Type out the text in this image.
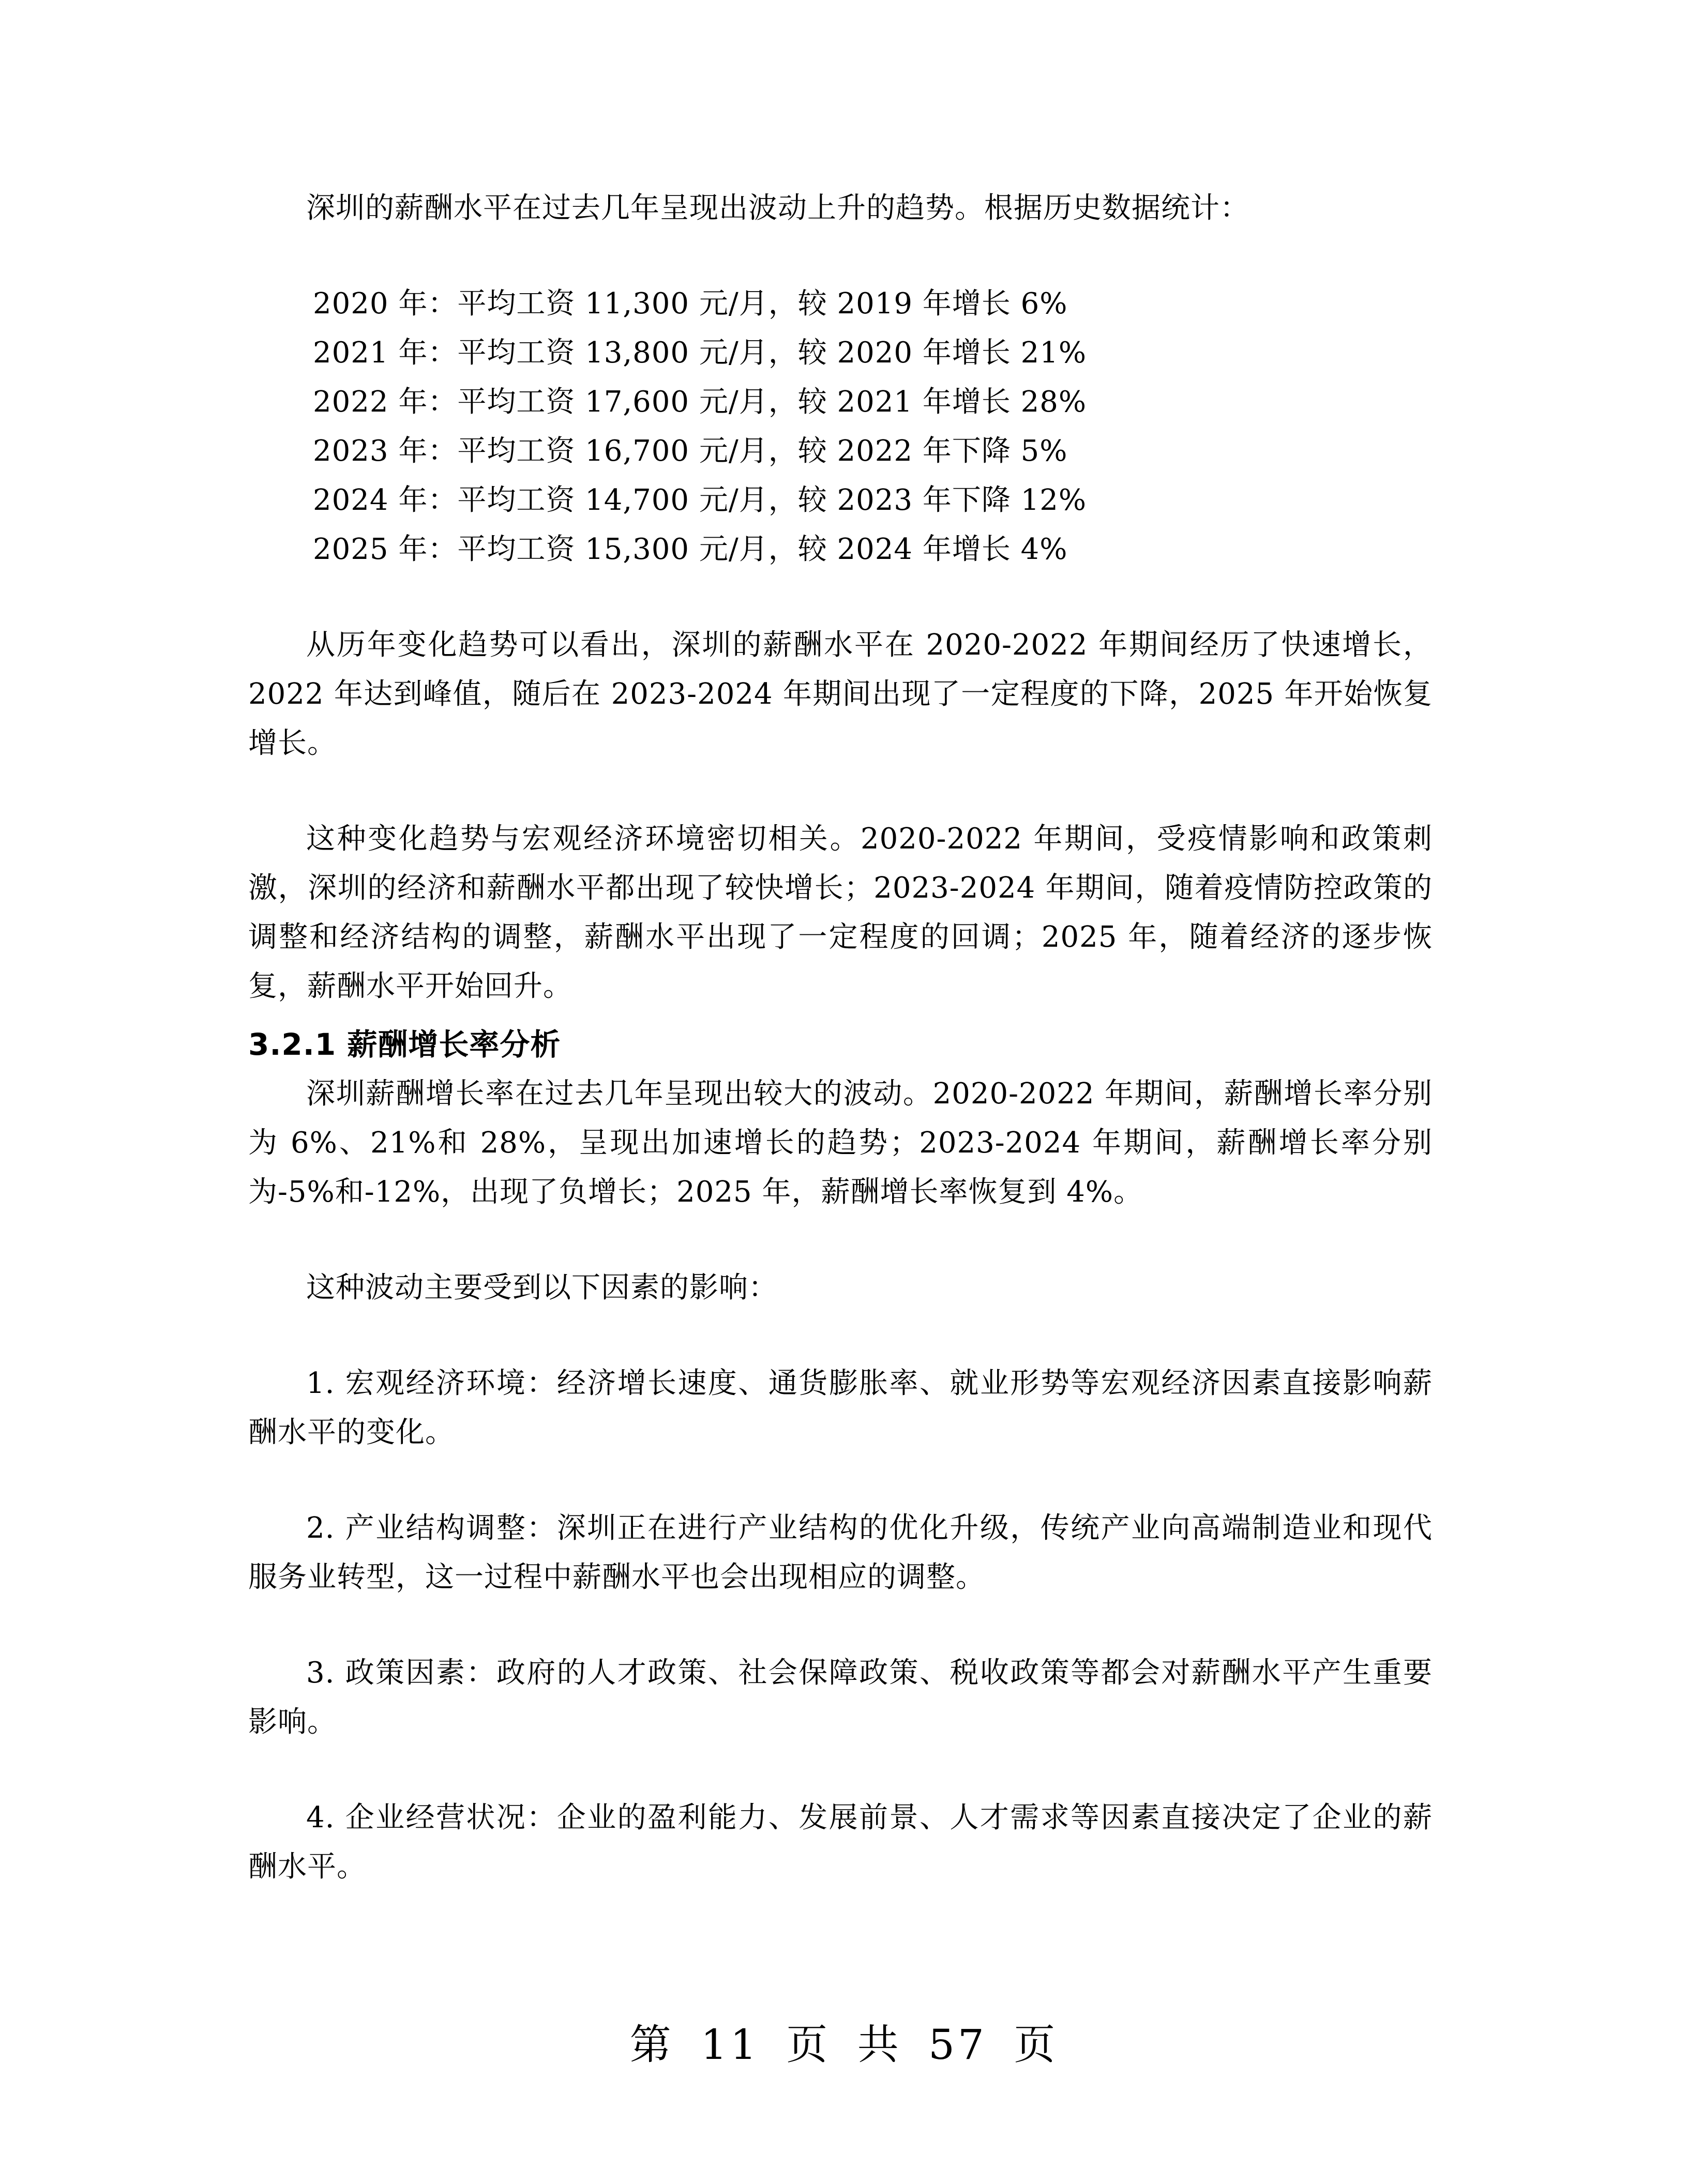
深圳的薪酬水平在过去几年呈现出波动上升的趋势。根据历史数据统计：

2020 年：平均工资 11,300 元/月，较 2019 年增长 6%
2021 年：平均工资 13,800 元/月，较 2020 年增长 21%
2022 年：平均工资 17,600 元/月，较 2021 年增长 28%
2023 年：平均工资 16,700 元/月，较 2022 年下降 5%
2024 年：平均工资 14,700 元/月，较 2023 年下降 12%
2025 年：平均工资 15,300 元/月，较 2024 年增长 4%

从历年变化趋势可以看出，深圳的薪酬水平在 2020-2022 年期间经历了快速增长，2022 年达到峰值，随后在 2023-2024 年期间出现了一定程度的下降，2025 年开始恢复增长。

这种变化趋势与宏观经济环境密切相关。2020-2022 年期间，受疫情影响和政策刺激，深圳的经济和薪酬水平都出现了较快增长；2023-2024 年期间，随着疫情防控政策的调整和经济结构的调整，薪酬水平出现了一定程度的回调；2025 年，随着经济的逐步恢复，薪酬水平开始回升。

3.2.1 薪酬增长率分析

深圳薪酬增长率在过去几年呈现出较大的波动。2020-2022 年期间，薪酬增长率分别为 6%、21%和 28%，呈现出加速增长的趋势；2023-2024 年期间，薪酬增长率分别为-5%和-12%，出现了负增长；2025 年，薪酬增长率恢复到 4%。

这种波动主要受到以下因素的影响：

1. 宏观经济环境：经济增长速度、通货膨胀率、就业形势等宏观经济因素直接影响薪酬水平的变化。

2. 产业结构调整：深圳正在进行产业结构的优化升级，传统产业向高端制造业和现代服务业转型，这一过程中薪酬水平也会出现相应的调整。

3. 政策因素：政府的人才政策、社会保障政策、税收政策等都会对薪酬水平产生重要影响。

4. 企业经营状况：企业的盈利能力、发展前景、人才需求等因素直接决定了企业的薪酬水平。

第 11 页 共 57 页
